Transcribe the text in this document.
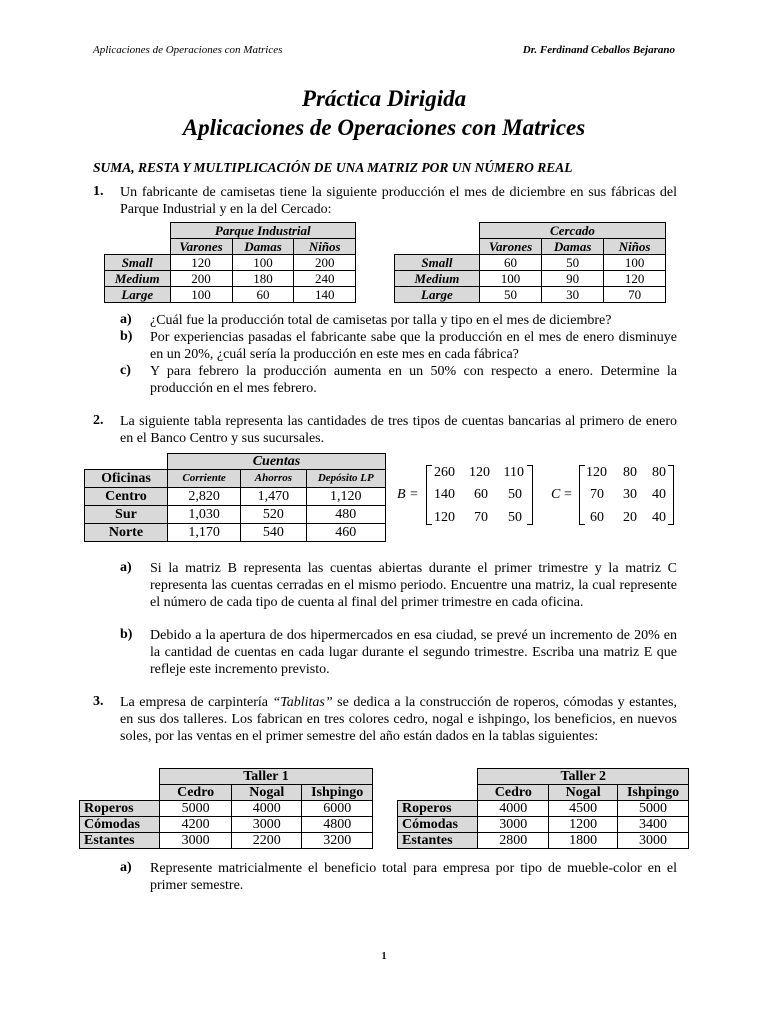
Aplicaciones de Operaciones con Matrices	Dr. Ferdinand Ceballos Bejarano
Práctica Dirigida
Aplicaciones de Operaciones con Matrices
SUMA, RESTA Y MULTIPLICACIÓN DE UNA MATRIZ POR UN NÚMERO REAL
1. Un fabricante de camisetas tiene la siguiente producción el mes de diciembre en sus fábricas del Parque Industrial y en la del Cercado:
	Parque Industrial		
	Varones	Damas	Niños
Small	120	100	200
Medium	200	180	240
Large	100	60	140
	Cercado		
	Varones	Damas	Niños
Small	60	50	100
Medium	100	90	120
Large	50	30	70
a) ¿Cuál fue la producción total de camisetas por talla y tipo en el mes de diciembre?
b) Por experiencias pasadas el fabricante sabe que la producción en el mes de enero disminuye en un 20%, ¿cuál sería la producción en este mes en cada fábrica?
c) Y para febrero la producción aumenta en un 50% con respecto a enero. Determine la producción en el mes febrero.
2. La siguiente tabla representa las cantidades de tres tipos de cuentas bancarias al primero de enero en el Banco Centro y sus sucursales.
	Cuentas		
Oficinas	Corriente	Ahorros	Depósito LP
Centro	2,820	1,470	1,120
Sur	1,030	520	480
Norte	1,170	540	460
B =
260	120 110
140	60	50
120	70	50
C =
120	80	80
70	30	40
60	20	40
a) Si la matriz B representa las cuentas abiertas durante el primer trimestre y la matriz C representa las cuentas cerradas en el mismo periodo. Encuentre una matriz, la cual represente el número de cada tipo de cuenta al final del primer trimestre en cada oficina.
b) Debido a la apertura de dos hipermercados en esa ciudad, se prevé un incremento de 20% en la cantidad de cuentas en cada lugar durante el segundo trimestre. Escriba una matriz E que refleje este incremento previsto.
3. La empresa de carpintería “Tablitas” se dedica a la construcción de roperos, cómodas y estantes, en sus dos talleres. Los fabrican en tres colores cedro, nogal e ishpingo, los beneficios, en nuevos soles, por las ventas en el primer semestre del año están dados en la tablas siguientes:
	Taller 1		
	Cedro	Nogal	Ishpingo
Roperos	5000	4000	6000
Cómodas	4200	3000	4800
Estantes	3000	2200	3200
	Taller 2		
	Cedro	Nogal	Ishpingo
Roperos	4000	4500	5000
Cómodas	3000	1200	3400
Estantes	2800	1800	3000
a) Represente matricialmente el beneficio total para empresa por tipo de mueble-color en el primer semestre.
1
